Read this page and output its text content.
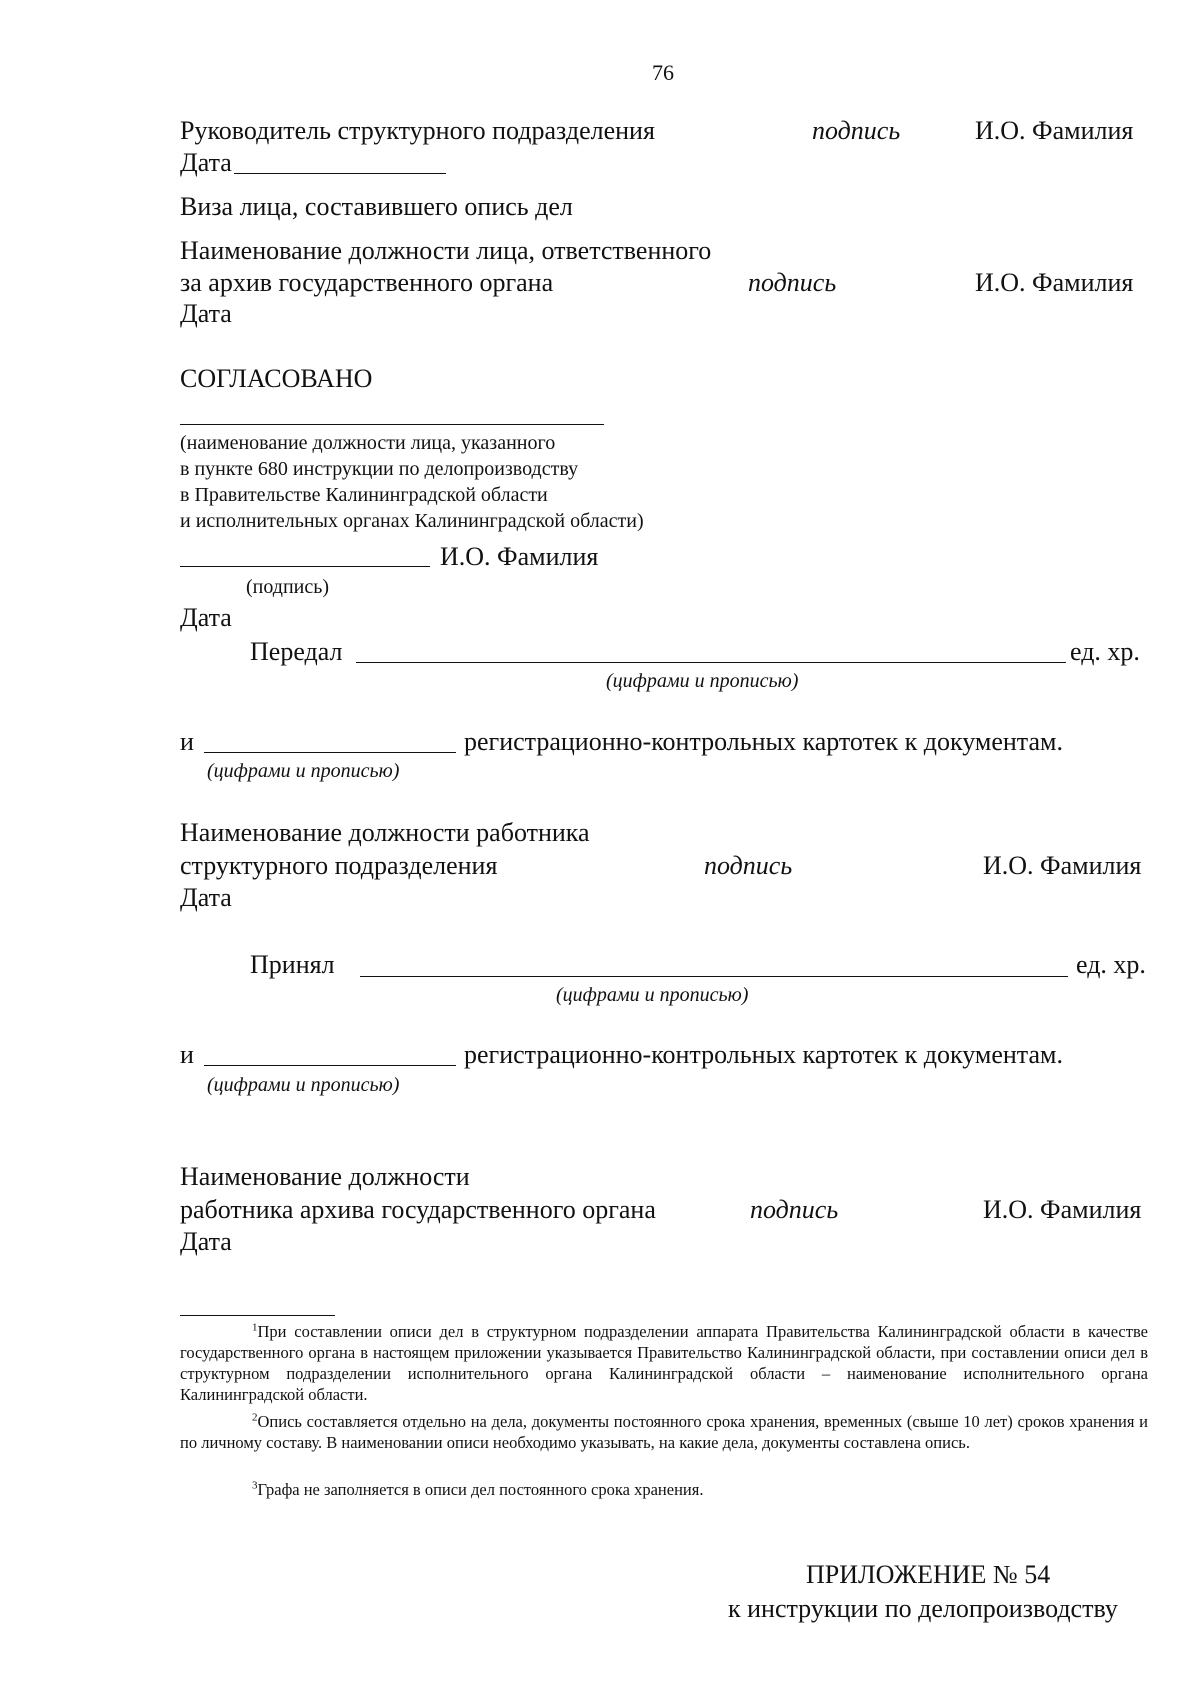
76
Руководитель структурного подразделения	подпись	И.О. Фамилия
Дата
Виза лица, составившего опись дел
Наименование должности лица, ответственного
за архив государственного органа	подпись	И.О. Фамилия
Дата
СОГЛАСОВАНО
(наименование должности лица, указанного
в пункте 680 инструкции по делопроизводству
в Правительстве Калининградской области
и исполнительных органах Калининградской области)
И.О. Фамилия
(подпись)
Дата
Передал	ед. хр.
(цифрами и прописью)
и	регистрационно-контрольных картотек к документам.
(цифрами и прописью)
Наименование должности работника
структурного подразделения	подпись	И.О. Фамилия
Дата
Принял	ед. хр.
(цифрами и прописью)
и	регистрационно-контрольных картотек к документам.
(цифрами и прописью)
Наименование должности
работника архива государственного органа	подпись	И.О. Фамилия
Дата
$^1$При составлении описи дел в структурном подразделении аппарата Правительства Калининградской области в качестве государственного органа в настоящем приложении указывается Правительство Калининградской области, при составлении описи дел в структурном подразделении исполнительного органа Калининградской области – наименование исполнительного органа Калининградской области.
$^2$Опись составляется отдельно на дела, документы постоянного срока хранения, временных (свыше 10 лет) сроков хранения и по личному составу. В наименовании описи необходимо указывать, на какие дела, документы составлена опись.
$^3$Графа не заполняется в описи дел постоянного срока хранения.
ПРИЛОЖЕНИЕ № 54
к инструкции по делопроизводству
